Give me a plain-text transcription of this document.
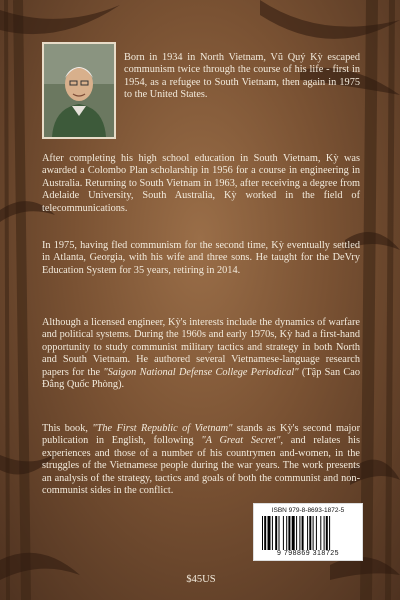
Born in 1934 in North Vietnam, Vũ Quý Kỳ escaped communism twice through the course of his life - first in 1954, as a refugee to South Vietnam, then again in 1975 to the United States.

After completing his high school education in South Vietnam, Kỳ was awarded a Colombo Plan scholarship in 1956 for a course in engineering in Australia. Returning to South Vietnam in 1963, after receiving a degree from Adelaide University, South Australia, Kỳ worked in the field of telecommunications.

In 1975, having fled communism for the second time, Kỳ eventually settled in Atlanta, Georgia, with his wife and three sons. He taught for the DeVry Education System for 35 years, retiring in 2014.

Although a licensed engineer, Kỳ's interests include the dynamics of warfare and political systems. During the 1960s and early 1970s, Kỳ had a first-hand opportunity to study communist military tactics and strategy in both North and South Vietnam. He authored several Vietnamese-language research papers for the "Saigon National Defense College Periodical" (Tập San Cao Đẳng Quốc Phòng).

This book, "The First Republic of Vietnam" stands as Kỳ's second major publication in English, following "A Great Secret", and relates his experiences and those of a number of his countrymen and-women, in the struggles of the Vietnamese people during the war years. The work presents an analysis of the strategy, tactics and goals of both the communist and non-communist sides in the conflict.

ISBN 979-8-8693-1872-5
9 798869 318725
$45US
